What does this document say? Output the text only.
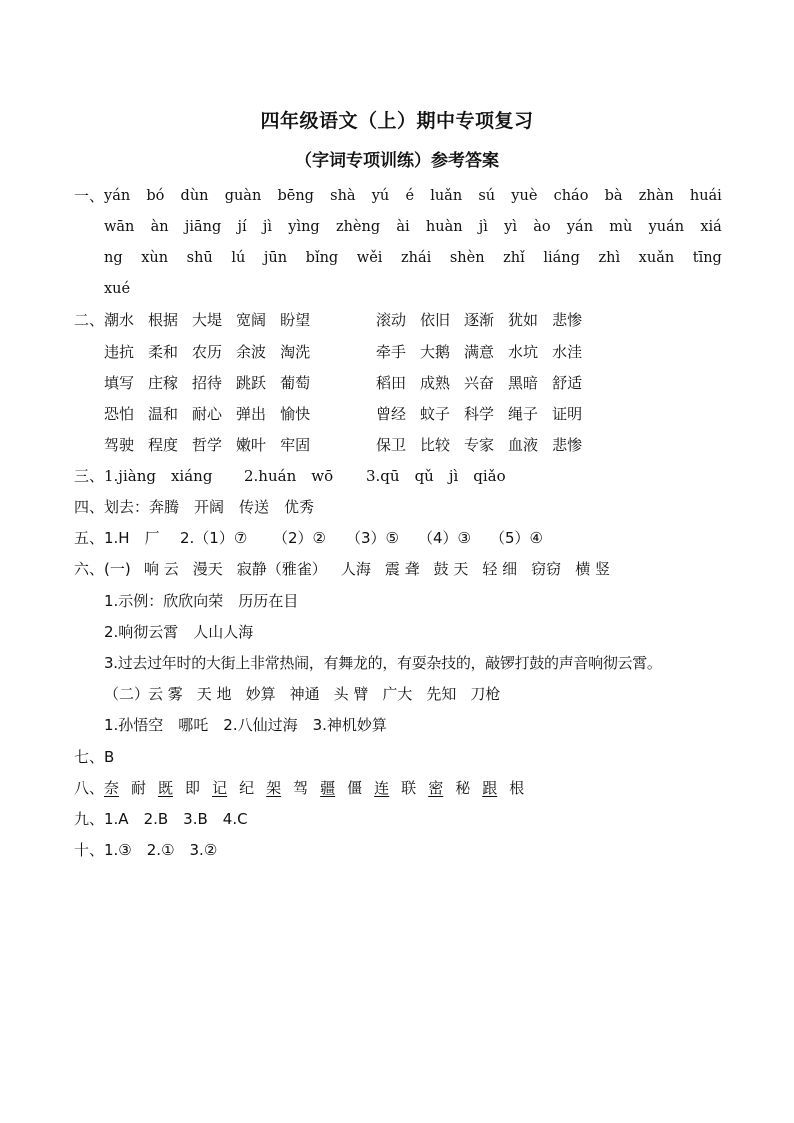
四年级语文（上）期中专项复习
（字词专项训练）参考答案
一、 yán bó dùn guàn bēng shà yú é luǎn sú yuè cháo bà zhàn huái
wān àn jiāng jí jì yìng zhèng ài huàn jì yì ào yán mù yuán xiá
ng xùn shū lú jūn bǐng wěi zhái shèn zhǐ liáng zhì xuǎn tīng
xué
二、 潮水 根据 大堤 宽阔 盼望	滚动 依旧 逐渐 犹如 悲惨
违抗 柔和 农历 余波 淘洗	牵手 大鹅 满意 水坑 水洼
填写 庄稼 招待 跳跃 葡萄	稻田 成熟 兴奋 黑暗 舒适
恐怕 温和 耐心 弹出 愉快	曾经 蚊子 科学 绳子 证明
驾驶 程度 哲学 嫩叶 牢固	保卫 比较 专家 血液 悲惨
三、 1.jiàng　xiáng 2.huán　wō 3.qū　qǔ　jì　qiǎo
四、 划去：奔腾　开阔　传送　优秀
五、 1.H　厂 2.（1）⑦ （2）② （3）⑤ （4）③ （5）④
六、 (一) 响 云 漫天 寂静（雅雀） 人海 震 聋 鼓 天 轻 细 窃窃 横 竖
1.示例：欣欣向荣　历历在目
2.响彻云霄　人山人海
3.过去过年时的大街上非常热闹，有舞龙的，有耍杂技的，敲锣打鼓的声音响彻云霄。
（二）
云 雾 天 地 妙算 神通 头 臂 广大 先知 刀枪
1.孙悟空　哪吒　2.八仙过海　3.神机妙算
七、 B
八、 奈 耐 既 即 记 纪 架 驾 疆 僵 连 联 密 秘 跟 根
九、 1.A　2.B　3.B　4.C
十、 1.③　2.①　3.②
